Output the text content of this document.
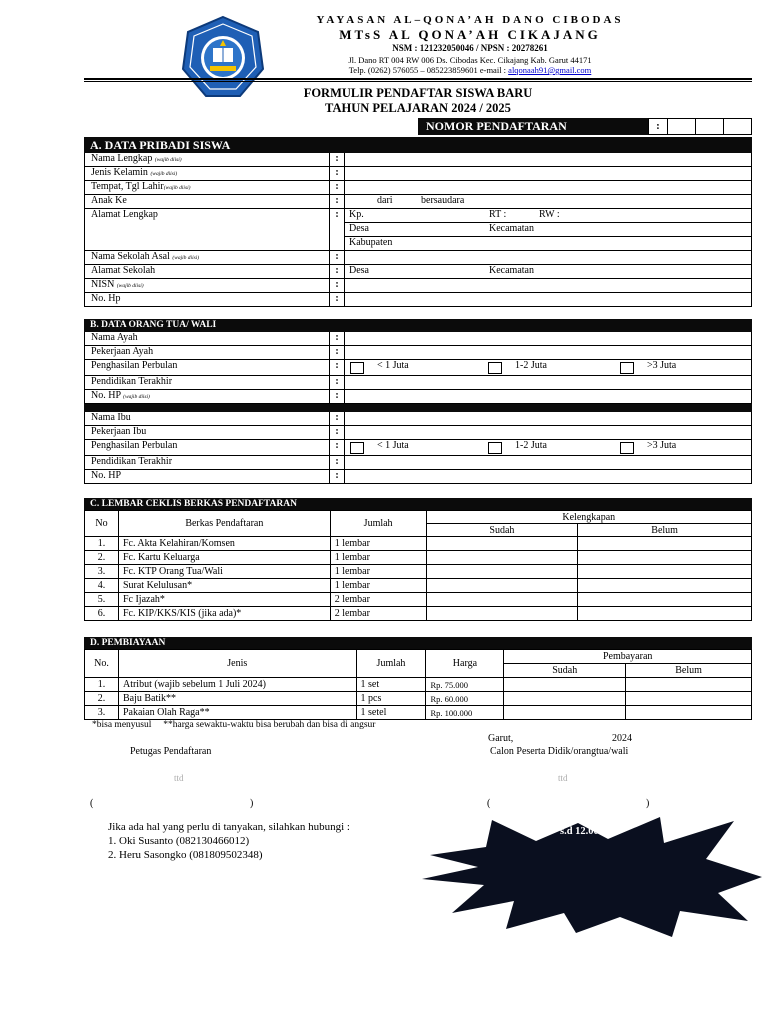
YAYASAN AL–QONA’AH DANO CIBODAS
MTsS AL QONA’AH CIKAJANG
NSM : 121232050046 / NPSN : 20278261
Jl. Dano RT 004 RW 006 Ds. Cibodas Kec. Cikajang Kab. Garut 44171
Telp. (0262) 576055 – 085223859601 e-mail : alqonaah91@gmail.com
FORMULIR PENDAFTAR SISWA BARU
TAHUN PELAJARAN 2024 / 2025
NOMOR PENDAFTARAN	:
A. DATA PRIBADI SISWA
Nama Lengkap (wajib diisi)	:
Jenis Kelamin (wajib diisi)	:
Tempat, Tgl Lahir(wajib diisi)	:
Anak Ke	:	dari	bersaudara
Alamat Lengkap	:	Kp.	RT :	RW :
Desa	Kecamatan
Kabupaten
Nama Sekolah Asal (wajib diisi)	:
Alamat Sekolah	:	Desa	Kecamatan
NISN (wajib diisi)	:
No. Hp	:
B. DATA ORANG TUA/ WALI
Nama Ayah	:
Pekerjaan Ayah	:
Penghasilan Perbulan	:	< 1 Juta	1-2 Juta	>3 Juta
Pendidikan Terakhir	:
No. HP (wajib diisi)	:
Nama Ibu	:
Pekerjaan Ibu	:
Penghasilan Perbulan	:	< 1 Juta	1-2 Juta	>3 Juta
Pendidikan Terakhir	:
No. HP	:
C. LEMBAR CEKLIS BERKAS PENDAFTARAN
No	Berkas Pendaftaran	Jumlah	Kelengkapan	
			Sudah	Belum
1.	Fc. Akta Kelahiran/Komsen	1 lembar		
2.	Fc. Kartu Keluarga	1 lembar		
3.	Fc. KTP Orang Tua/Wali	1 lembar		
4.	Surat Kelulusan*	1 lembar		
5.	Fc Ijazah*	2 lembar		
6.	Fc. KIP/KKS/KIS (jika ada)*	2 lembar		
D. PEMBIAYAAN
No.	Jenis	Jumlah	Harga	Pembayaran	
				Sudah	Belum
1.	Atribut (wajib sebelum 1 Juli 2024)	1 set	Rp. 75.000		
2.	Baju Batik**	1 pcs	Rp. 60.000		
3.	Pakaian Olah Raga**	1 setel	Rp. 100.000		
*bisa menyusul     **harga sewaktu-waktu bisa berubah dan bisa di angsur
Garut,	2024
Petugas Pendaftaran	Calon Peserta Didik/orangtua/wali
ttd	ttd
(	)	(	)
Jika ada hal yang perlu di tanyakan, silahkan hubungi :
1. Oki Susanto (082130466012)
2. Heru Sasongko (081809502348)
s.d 12.00
